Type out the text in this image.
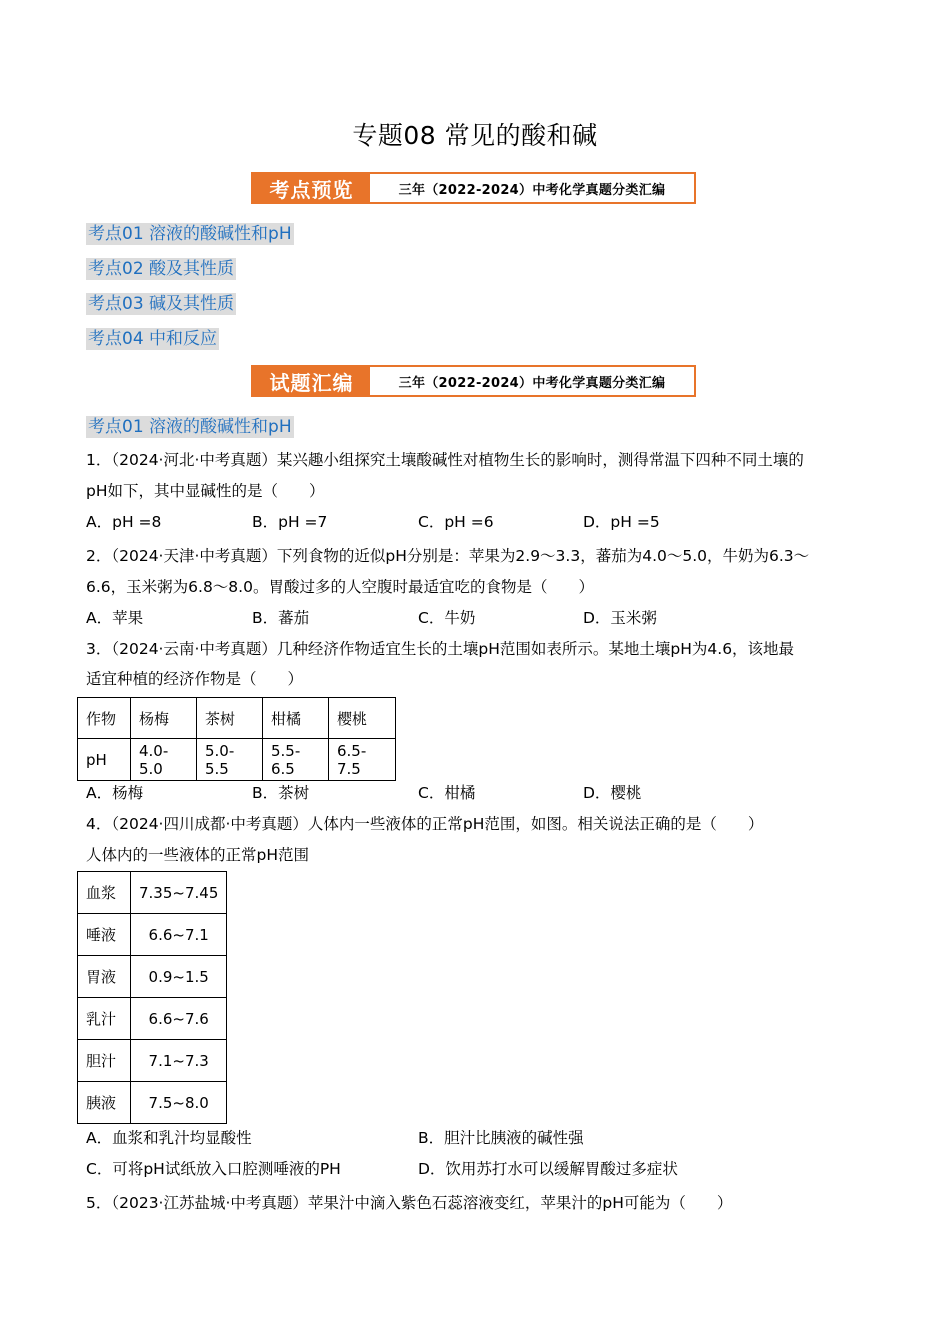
专题08 常见的酸和碱
考点预览	三年（2022-2024）中考化学真题分类汇编
考点01 溶液的酸碱性和pH
考点02 酸及其性质
考点03 碱及其性质
考点04 中和反应
试题汇编	三年（2022-2024）中考化学真题分类汇编
考点01 溶液的酸碱性和pH
1．（2024·河北·中考真题）某兴趣小组探究土壤酸碱性对植物生长的影响时，测得常温下四种不同土壤的
pH如下，其中显碱性的是（　　）
A．pH =8	B．pH =7	C．pH =6	D．pH =5
2．（2024·天津·中考真题）下列食物的近似pH分别是：苹果为2.9～3.3，蕃茄为4.0～5.0，牛奶为6.3～
6.6，玉米粥为6.8～8.0。胃酸过多的人空腹时最适宜吃的食物是（　　）
A．苹果	B．蕃茄	C．牛奶	D．玉米粥
3．（2024·云南·中考真题）几种经济作物适宜生长的土壤pH范围如表所示。某地土壤pH为4.6，该地最
适宜种植的经济作物是（　　）
作物	杨梅	茶树	柑橘	樱桃
pH	4.0-5.0	5.0-5.5	5.5-6.5	6.5-7.5
A．杨梅	B．茶树	C．柑橘	D．樱桃
4．（2024·四川成都·中考真题）人体内一些液体的正常pH范围，如图。相关说法正确的是（　　）
人体内的一些液体的正常pH范围
血浆	7.35~7.45
唾液	6.6~7.1
胃液	0.9~1.5
乳汁	6.6~7.6
胆汁	7.1~7.3
胰液	7.5~8.0
A．血浆和乳汁均显酸性	B．胆汁比胰液的碱性强
C．可将pH试纸放入口腔测唾液的PH	D．饮用苏打水可以缓解胃酸过多症状
5．（2023·江苏盐城·中考真题）苹果汁中滴入紫色石蕊溶液变红，苹果汁的pH可能为（　　）
